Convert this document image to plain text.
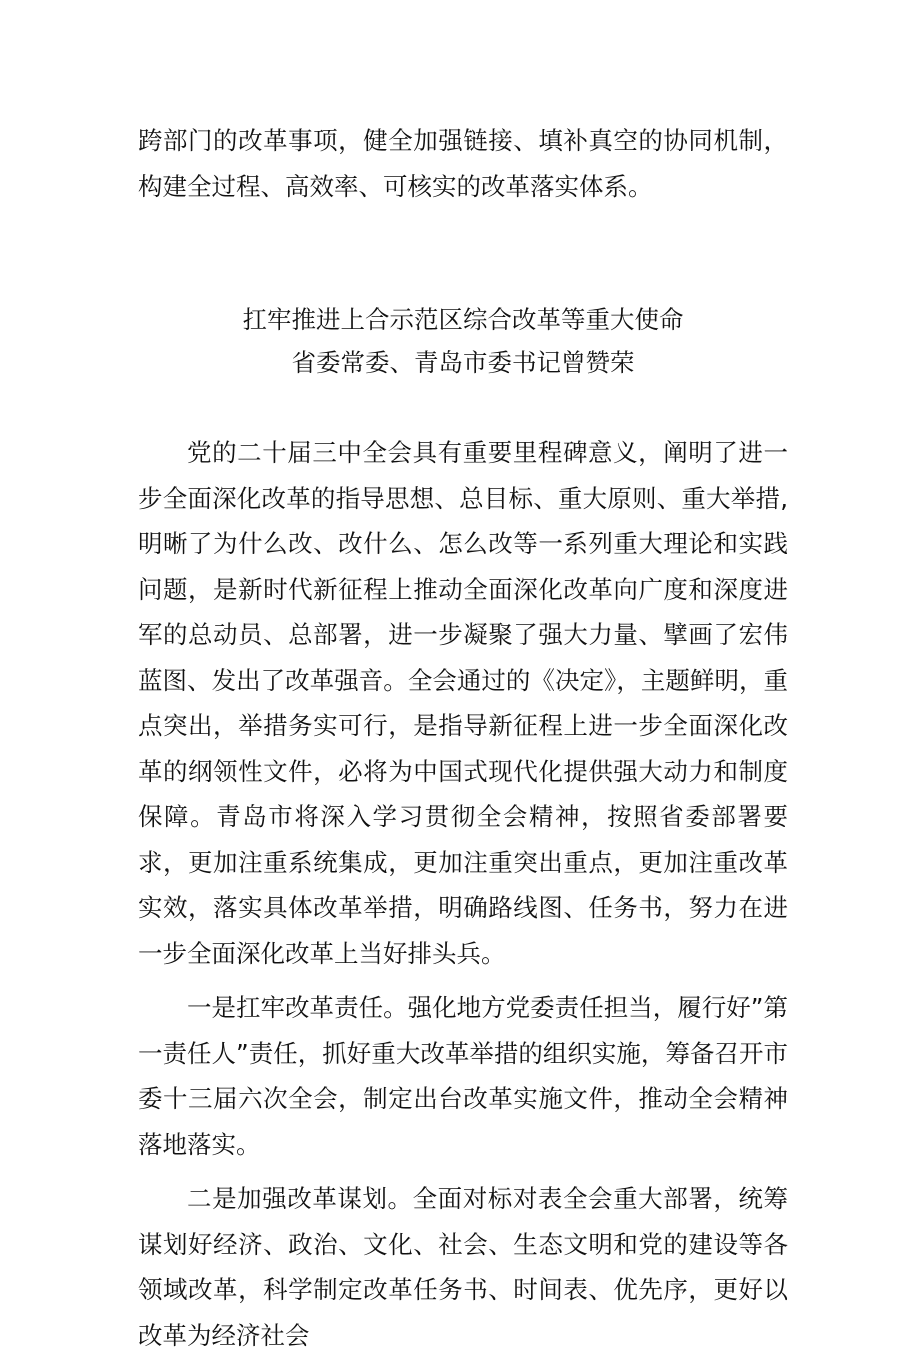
跨部门的改革事项，健全加强链接、填补真空的协同机制，构建全过程、高效率、可核实的改革落实体系。

扛牢推进上合示范区综合改革等重大使命
省委常委、青岛市委书记曾赞荣

党的二十届三中全会具有重要里程碑意义，阐明了进一步全面深化改革的指导思想、总目标、重大原则、重大举措,明晰了为什么改、改什么、怎么改等一系列重大理论和实践问题，是新时代新征程上推动全面深化改革向广度和深度进军的总动员、总部署，进一步凝聚了强大力量、擘画了宏伟蓝图、发出了改革强音。全会通过的《决定》，主题鲜明，重点突出，举措务实可行，是指导新征程上进一步全面深化改革的纲领性文件，必将为中国式现代化提供强大动力和制度保障。青岛市将深入学习贯彻全会精神，按照省委部署要求，更加注重系统集成，更加注重突出重点，更加注重改革实效，落实具体改革举措，明确路线图、任务书，努力在进一步全面深化改革上当好排头兵。

一是扛牢改革责任。强化地方党委责任担当，履行好”第一责任人”责任，抓好重大改革举措的组织实施，筹备召开市委十三届六次全会，制定出台改革实施文件，推动全会精神落地落实。

二是加强改革谋划。全面对标对表全会重大部署，统筹谋划好经济、政治、文化、社会、生态文明和党的建设等各领域改革，科学制定改革任务书、时间表、优先序，更好以改革为经济社会
